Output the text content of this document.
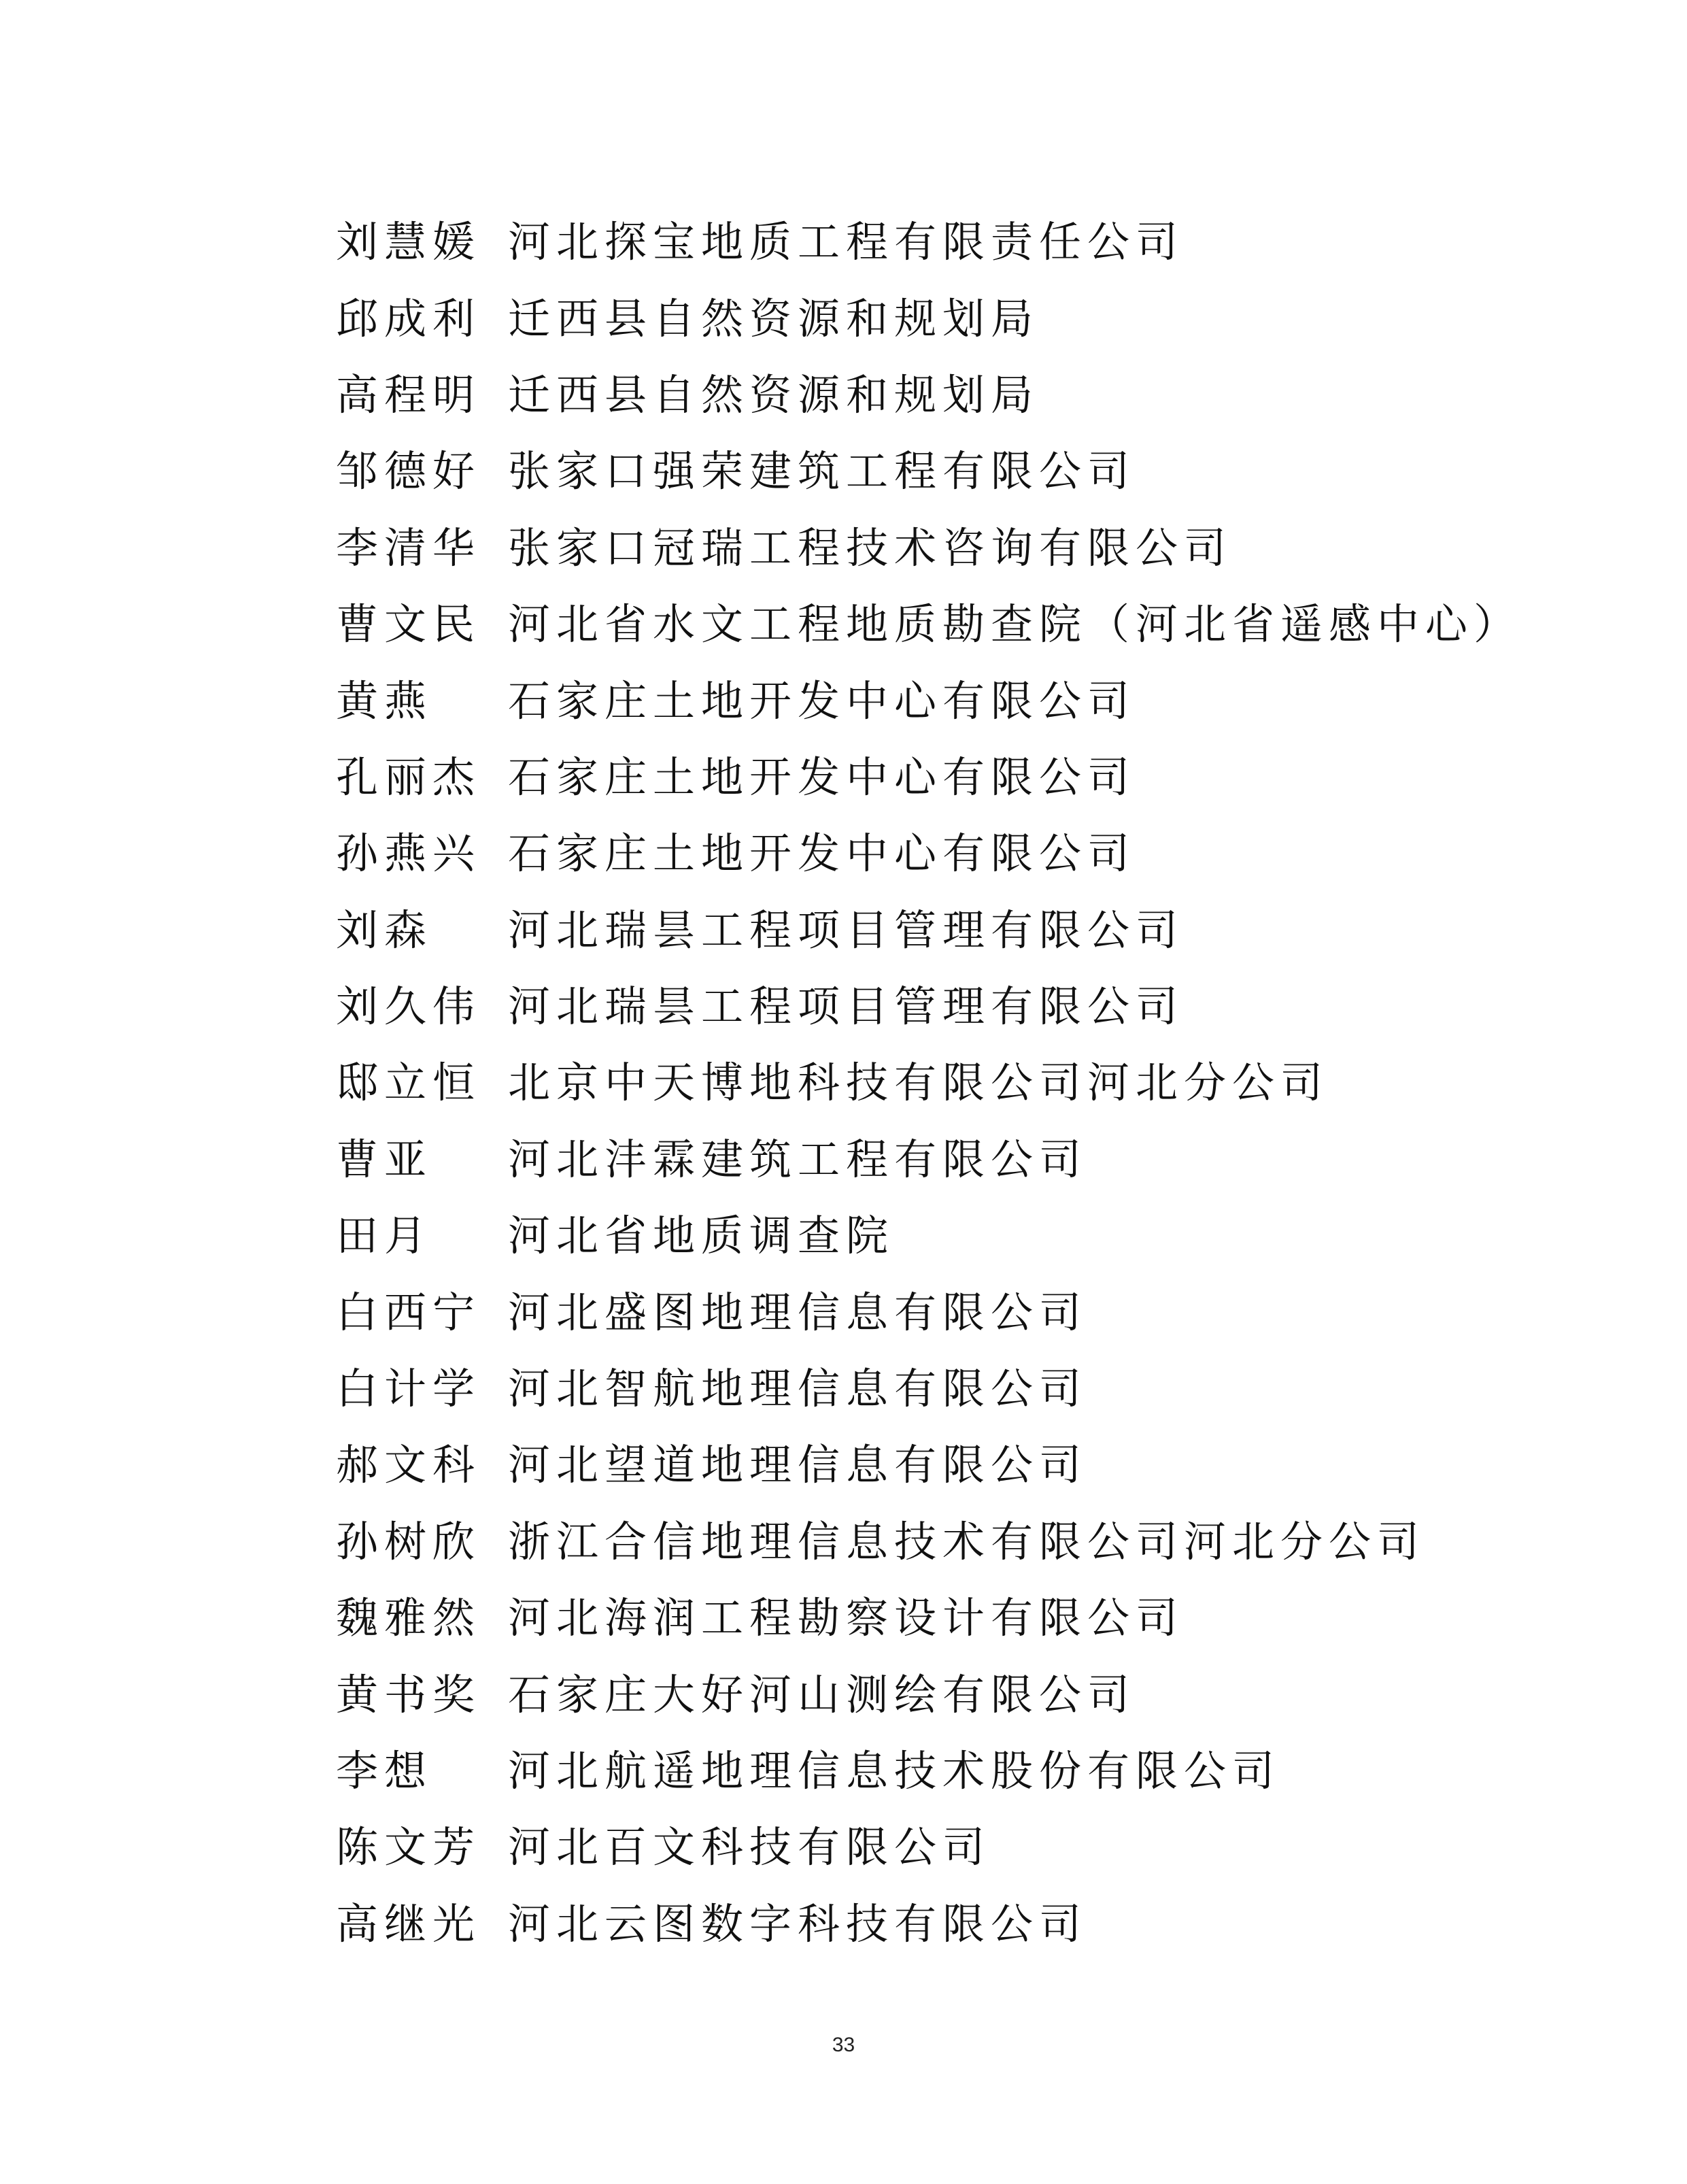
刘慧媛 河北探宝地质工程有限责任公司
邱成利 迁西县自然资源和规划局
高程明 迁西县自然资源和规划局
邹德好 张家口强荣建筑工程有限公司
李清华 张家口冠瑞工程技术咨询有限公司
曹文民 河北省水文工程地质勘查院（河北省遥感中心）
黄燕	石家庄土地开发中心有限公司
孔丽杰 石家庄土地开发中心有限公司
孙燕兴 石家庄土地开发中心有限公司
刘森	河北瑞昙工程项目管理有限公司
刘久伟 河北瑞昙工程项目管理有限公司
邸立恒 北京中天博地科技有限公司河北分公司
曹亚	河北沣霖建筑工程有限公司
田月	河北省地质调查院
白西宁 河北盛图地理信息有限公司
白计学 河北智航地理信息有限公司
郝文科 河北望道地理信息有限公司
孙树欣 浙江合信地理信息技术有限公司河北分公司
魏雅然 河北海润工程勘察设计有限公司
黄书奖 石家庄大好河山测绘有限公司
李想	河北航遥地理信息技术股份有限公司
陈文芳 河北百文科技有限公司
高继光 河北云图数字科技有限公司
33
